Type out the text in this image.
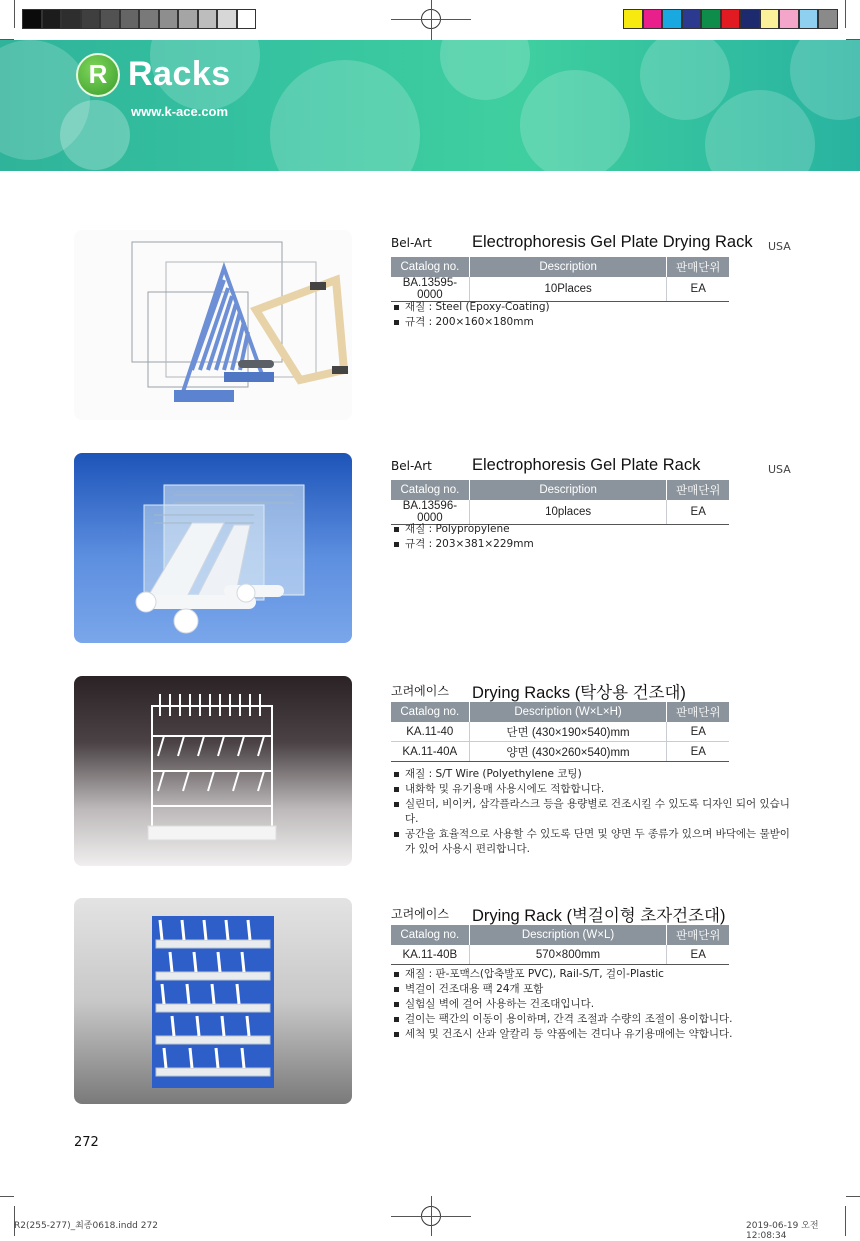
R Racks
www.k-ace.com
Bel-Art Electrophoresis Gel Plate Drying Rack USA
Catalog no.	Description	판매단위
BA.13595-0000	10Places	EA
재질 : Steel (Epoxy-Coating)
규격 : 200×160×180mm
Bel-Art Electrophoresis Gel Plate Rack	USA
Catalog no.	Description	판매단위
BA.13596-0000	10places	EA
재질 : Polypropylene
규격 : 203×381×229mm
고려에이스 Drying Racks (탁상용 건조대)
Catalog no.	Description (W×L×H)	판매단위
KA.11-40	단면 (430×190×540)mm	EA
KA.11-40A	양면 (430×260×540)mm	EA
재질 : S/T Wire (Polyethylene 코팅)
내화학 및 유기용매 사용시에도 적합합니다.
실린더, 비이커, 삼각플라스크 등을 용량별로 건조시킬 수 있도록 디자인 되어 있습니다.
공간을 효율적으로 사용할 수 있도록 단면 및 양면 두 종류가 있으며 바닥에는 물받이가 있어 사용시 편리합니다.
고려에이스 Drying Rack (벽걸이형 초자건조대)
Catalog no.	Description (W×L)	판매단위
KA.11-40B	570×800mm	EA
재질 : 판-포맥스(압축발포 PVC), Rail-S/T, 걸이-Plastic
벽걸이 건조대용 팩 24개 포함
실험실 벽에 걸어 사용하는 건조대입니다.
걸이는 팩간의 이동이 용이하며, 간격 조절과 수량의 조절이 용이합니다.
세척 및 건조시 산과 알칼리 등 약품에는 견디나 유기용매에는 약합니다.
272
R2(255-277)_최종0618.indd 272	2019-06-19 오전 12:08:34
